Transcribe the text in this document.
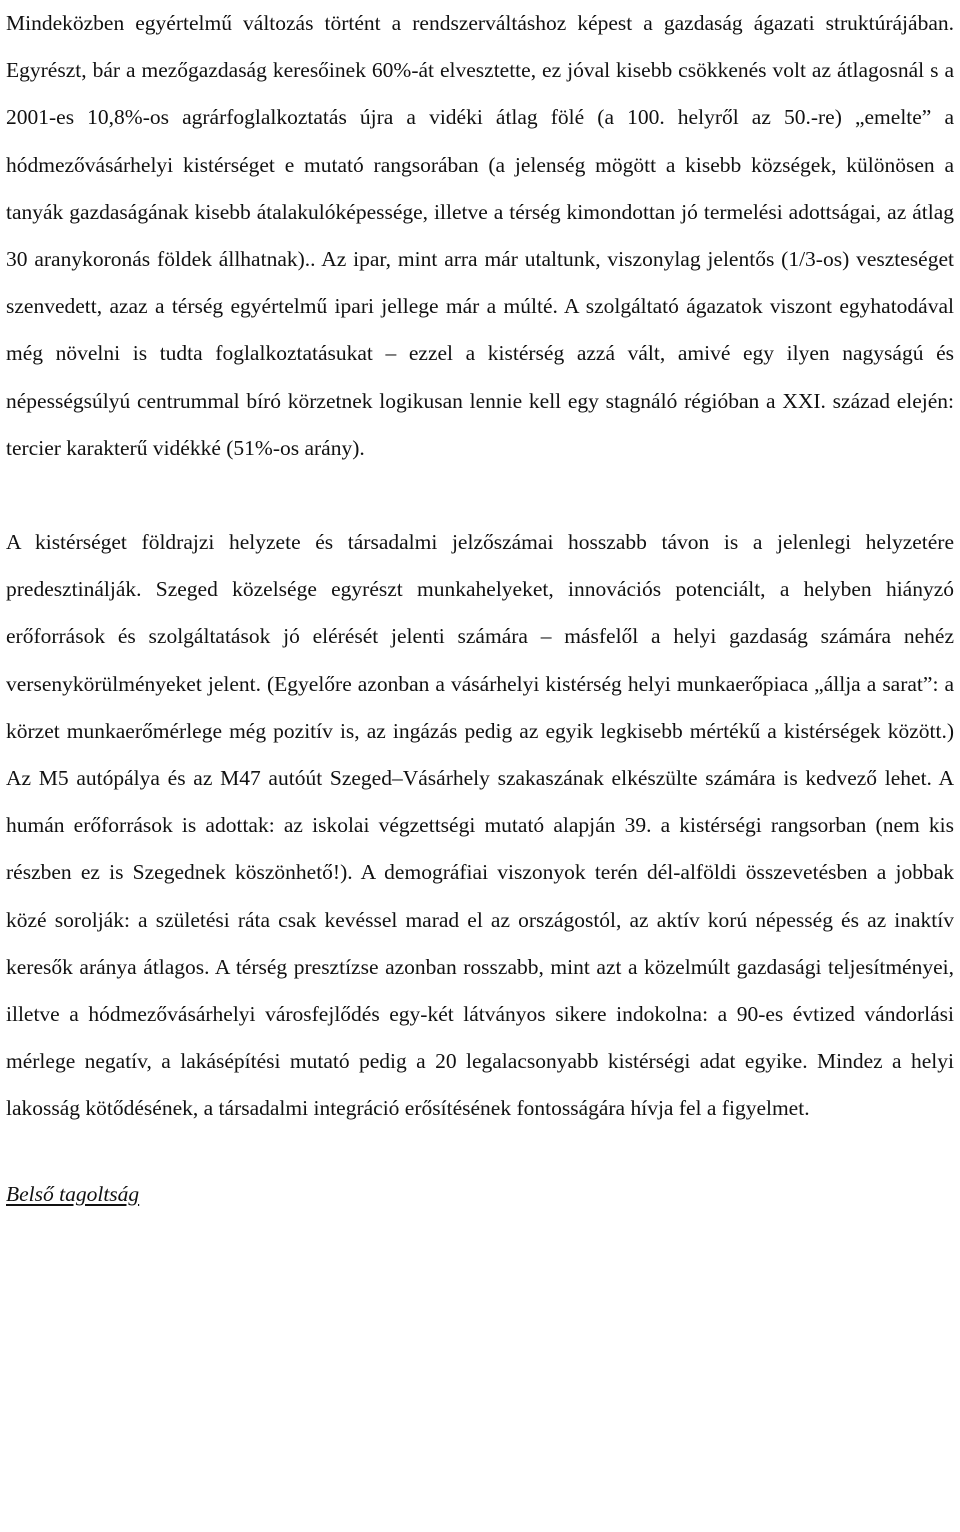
Mindeközben egyértelmű változás történt a rendszerváltáshoz képest a gazdaság ágazati struktúrájában. Egyrészt, bár a mezőgazdaság keresőinek 60%-át elvesztette, ez jóval kisebb csökkenés volt az átlagosnál s a 2001-es 10,8%-os agrárfoglalkoztatás újra a vidéki átlag fölé (a 100. helyről az 50.-re) „emelte” a hódmezővásárhelyi kistérséget e mutató rangsorában (a jelenség mögött a kisebb községek, különösen a tanyák gazdaságának kisebb átalakulóképessége, illetve a térség kimondottan jó termelési adottságai, az átlag 30 aranykoronás földek állhatnak).. Az ipar, mint arra már utaltunk, viszonylag jelentős (1/3-os) veszteséget szenvedett, azaz a térség egyértelmű ipari jellege már a múlté. A szolgáltató ágazatok viszont egyhatodával még növelni is tudta foglalkoztatásukat – ezzel a kistérség azzá vált, amivé egy ilyen nagyságú és népességsúlyú centrummal bíró körzetnek logikusan lennie kell egy stagnáló régióban a XXI. század elején: tercier karakterű vidékké (51%-os arány).

A kistérséget földrajzi helyzete és társadalmi jelzőszámai hosszabb távon is a jelenlegi helyzetére predesztinálják. Szeged közelsége egyrészt munkahelyeket, innovációs potenciált, a helyben hiányzó erőforrások és szolgáltatások jó elérését jelenti számára – másfelől a helyi gazdaság számára nehéz versenykörülményeket jelent. (Egyelőre azonban a vásárhelyi kistérség helyi munkaerőpiaca „állja a sarat”: a körzet munkaerőmérlege még pozitív is, az ingázás pedig az egyik legkisebb mértékű a kistérségek között.) Az M5 autópálya és az M47 autóút Szeged–Vásárhely szakaszának elkészülte számára is kedvező lehet. A humán erőforrások is adottak: az iskolai végzettségi mutató alapján 39. a kistérségi rangsorban (nem kis részben ez is Szegednek köszönhető!). A demográfiai viszonyok terén dél-alföldi összevetésben a jobbak közé sorolják: a születési ráta csak kevéssel marad el az országostól, az aktív korú népesség és az inaktív keresők aránya átlagos. A térség presztízse azonban rosszabb, mint azt a közelmúlt gazdasági teljesítményei, illetve a hódmezővásárhelyi városfejlődés egy-két látványos sikere indokolna: a 90-es évtized vándorlási mérlege negatív, a lakásépítési mutató pedig a 20 legalacsonyabb kistérségi adat egyike. Mindez a helyi lakosság kötődésének, a társadalmi integráció erősítésének fontosságára hívja fel a figyelmet.

Belső tagoltság
